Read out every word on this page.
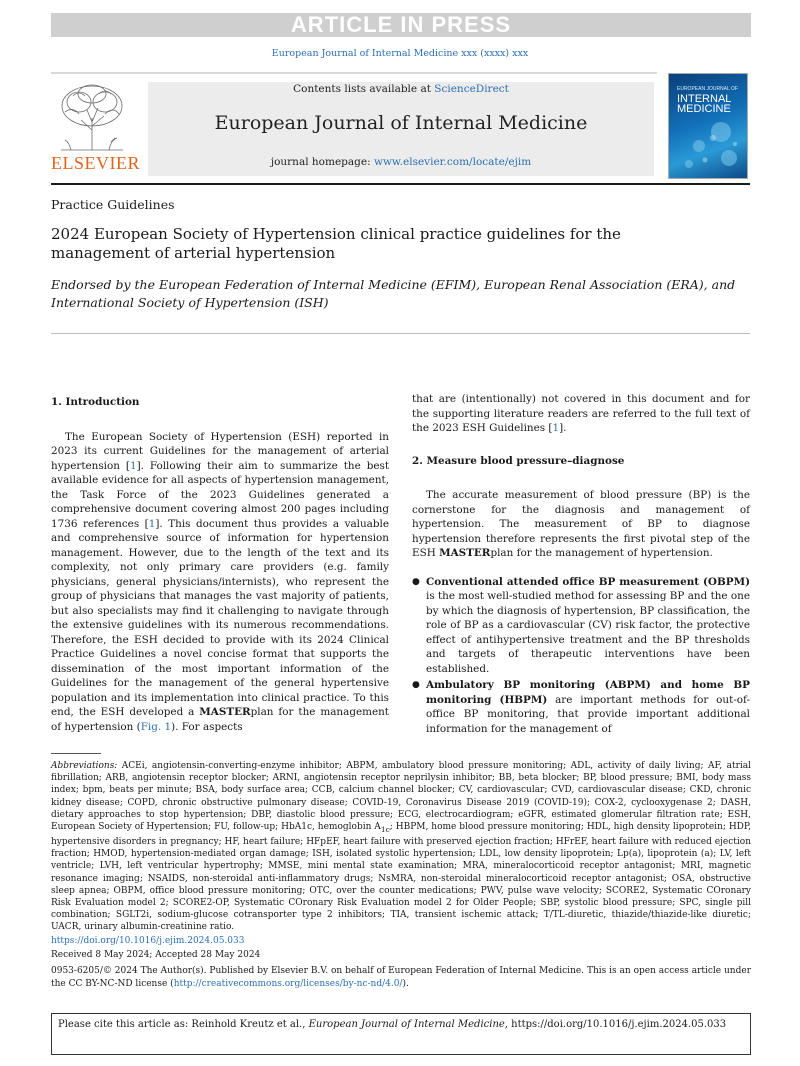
ARTICLE IN PRESS
European Journal of Internal Medicine xxx (xxxx) xxx
ELSEVIER
Contents lists available at ScienceDirect
European Journal of Internal Medicine
journal homepage: www.elsevier.com/locate/ejim
EUROPEAN JOURNAL OF
INTERNAL MEDICINE
Practice Guidelines
2024 European Society of Hypertension clinical practice guidelines for the management of arterial hypertension
Endorsed by the European Federation of Internal Medicine (EFIM), European Renal Association (ERA), and International Society of Hypertension (ISH)
1. Introduction

The European Society of Hypertension (ESH) reported in 2023 its current Guidelines for the management of arterial hypertension [1]. Following their aim to summarize the best available evidence for all aspects of hypertension management, the Task Force of the 2023 Guidelines generated a comprehensive document covering almost 200 pages including 1736 references [1]. This document thus provides a valuable and comprehensive source of information for hypertension management. However, due to the length of the text and its complexity, not only primary care providers (e.g. family physicians, general physicians/internists), who represent the group of physicians that manages the vast majority of patients, but also specialists may find it challenging to navigate through the extensive guidelines with its numerous recommendations. Therefore, the ESH decided to provide with its 2024 Clinical Practice Guidelines a novel concise format that supports the dissemination of the most important information of the Guidelines for the management of the general hypertensive population and its implementation into clinical practice. To this end, the ESH developed a MASTERplan for the management of hypertension (Fig. 1). For aspects

that are (intentionally) not covered in this document and for the supporting literature readers are referred to the full text of the 2023 ESH Guidelines [1].

2. Measure blood pressure–diagnose

The accurate measurement of blood pressure (BP) is the cornerstone for the diagnosis and management of hypertension. The measurement of BP to diagnose hypertension therefore represents the first pivotal step of the ESH MASTERplan for the management of hypertension.

● Conventional attended office BP measurement (OBPM) is the most well-studied method for assessing BP and the one by which the diagnosis of hypertension, BP classification, the role of BP as a cardiovascular (CV) risk factor, the protective effect of antihypertensive treatment and the BP thresholds and targets of therapeutic interventions have been established.
● Ambulatory BP monitoring (ABPM) and home BP monitoring (HBPM) are important methods for out-of-office BP monitoring, that provide important additional information for the management of
Abbreviations: ACEi, angiotensin-converting-enzyme inhibitor; ABPM, ambulatory blood pressure monitoring; ADL, activity of daily living; AF, atrial fibrillation; ARB, angiotensin receptor blocker; ARNI, angiotensin receptor neprilysin inhibitor; BB, beta blocker; BP, blood pressure; BMI, body mass index; bpm, beats per minute; BSA, body surface area; CCB, calcium channel blocker; CV, cardiovascular; CVD, cardiovascular disease; CKD, chronic kidney disease; COPD, chronic obstructive pulmonary disease; COVID-19, Coronavirus Disease 2019 (COVID-19); COX-2, cyclooxygenase 2; DASH, dietary approaches to stop hypertension; DBP, diastolic blood pressure; ECG, electrocardiogram; eGFR, estimated glomerular filtration rate; ESH, European Society of Hypertension; FU, follow-up; HbA1c, hemoglobin $A_{1c}$; HBPM, home blood pressure monitoring; HDL, high density lipoprotein; HDP, hypertensive disorders in pregnancy; HF, heart failure; HFpEF, heart failure with preserved ejection fraction; HFrEF, heart failure with reduced ejection fraction; HMOD, hypertension-mediated organ damage; ISH, isolated systolic hypertension; LDL, low density lipoprotein; Lp(a), lipoprotein (a); LV, left ventricle; LVH, left ventricular hypertrophy; MMSE, mini mental state examination; MRA, mineralocorticoid receptor antagonist; MRI, magnetic resonance imaging; NSAIDS, non-steroidal anti-inflammatory drugs; NsMRA, non-steroidal mineralocorticoid receptor antagonist; OSA, obstructive sleep apnea; OBPM, office blood pressure monitoring; OTC, over the counter medications; PWV, pulse wave velocity; SCORE2, Systematic COronary Risk Evaluation model 2; SCORE2-OP, Systematic COronary Risk Evaluation model 2 for Older People; SBP, systolic blood pressure; SPC, single pill combination; SGLT2i, sodium-glucose cotransporter type 2 inhibitors; TIA, transient ischemic attack; T/TL-diuretic, thiazide/thiazide-like diuretic; UACR, urinary albumin-creatinine ratio.
https://doi.org/10.1016/j.ejim.2024.05.033
Received 8 May 2024; Accepted 28 May 2024
0953-6205/© 2024 The Author(s). Published by Elsevier B.V. on behalf of European Federation of Internal Medicine. This is an open access article under the CC BY-NC-ND license (http://creativecommons.org/licenses/by-nc-nd/4.0/).
Please cite this article as: Reinhold Kreutz et al., European Journal of Internal Medicine, https://doi.org/10.1016/j.ejim.2024.05.033
